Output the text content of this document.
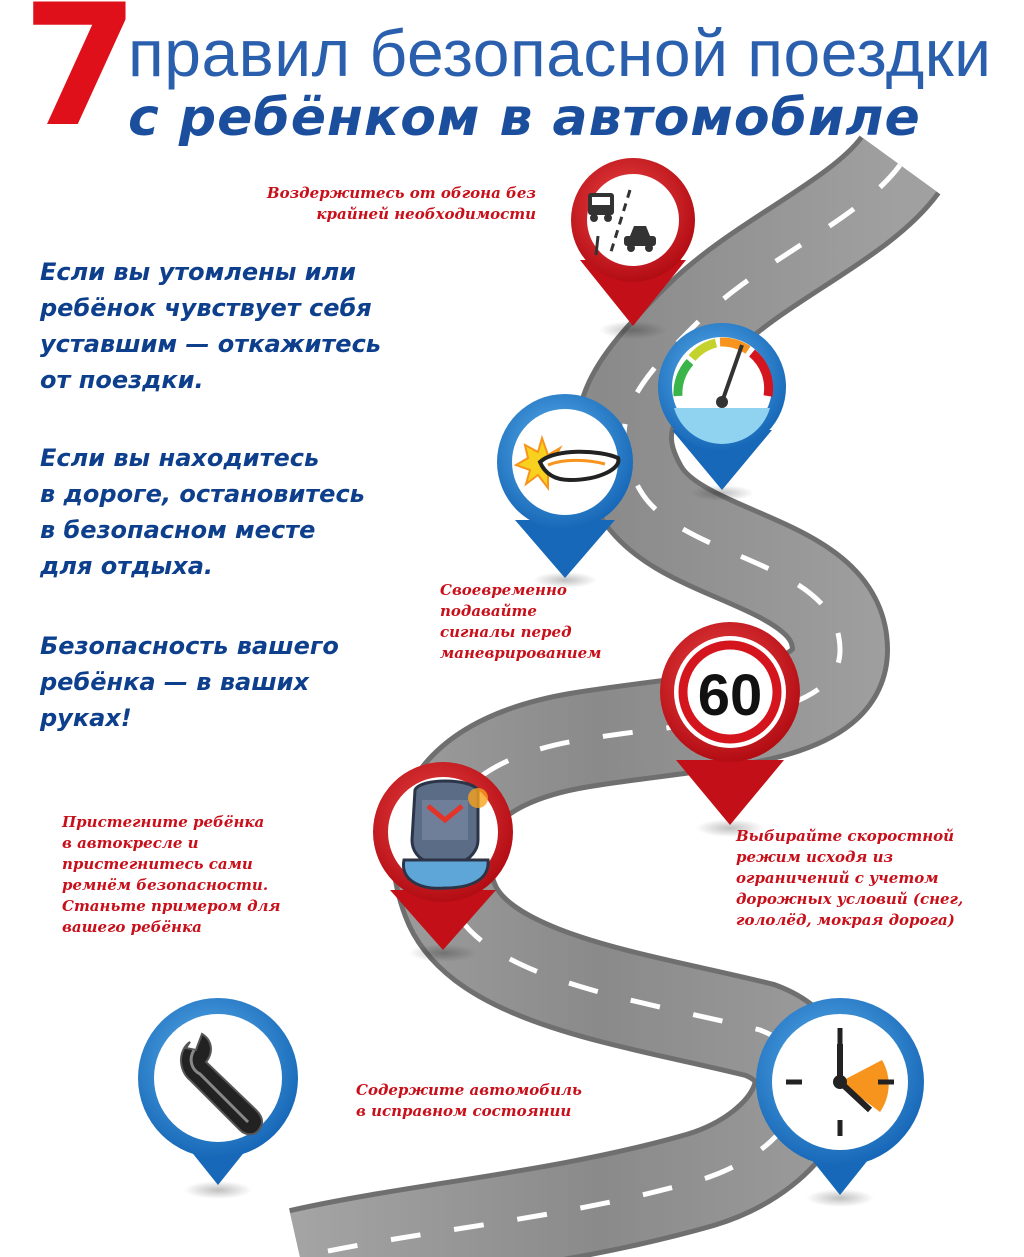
60
7
правил безопасной поездки
с ребёнком в автомобиле
Если вы утомлены или
ребёнок чувствует себя
уставшим — откажитесь
от поездки.
Если вы находитесь
в дороге, остановитесь
в безопасном месте
для отдыха.
Безопасность вашего
ребёнка — в ваших
руках!
Воздержитесь от обгона без
крайней необходимости
Своевременно
подавайте
сигналы перед
маневрированием
Пристегните ребёнка
в автокресле и
пристегнитесь сами
ремнём безопасности.
Станьте примером для
вашего ребёнка
Выбирайте скоростной
режим исходя из
ограничений с учетом
дорожных условий (снег,
гололёд, мокрая дорога)
Содержите автомобиль
в исправном состоянии
